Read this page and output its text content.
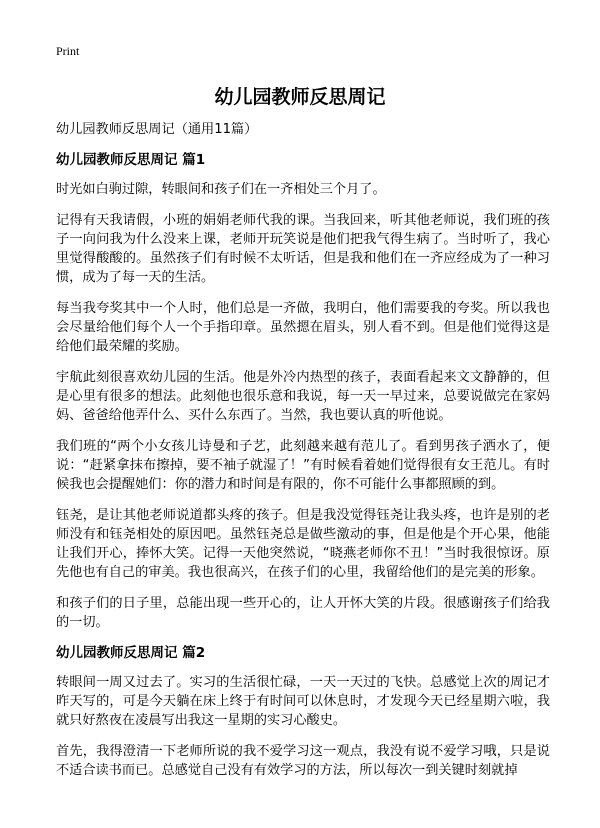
Print
幼儿园教师反思周记

幼儿园教师反思周记（通用11篇）

幼儿园教师反思周记 篇1

时光如白驹过隙，转眼间和孩子们在一齐相处三个月了。

记得有天我请假，小班的娟娟老师代我的课。当我回来，听其他老师说，我们班的孩子一向问我为什么没来上课，老师开玩笑说是他们把我气得生病了。当时听了，我心里觉得酸酸的。虽然孩子们有时候不太听话，但是我和他们在一齐应经成为了一种习惯，成为了每一天的生活。

每当我夸奖其中一个人时，他们总是一齐做，我明白，他们需要我的夸奖。所以我也会尽量给他们每个人一个手指印章。虽然摁在眉头，别人看不到。但是他们觉得这是给他们最荣耀的奖励。

宇航此刻很喜欢幼儿园的生活。他是外冷内热型的孩子，表面看起来文文静静的，但是心里有很多的想法。此刻他也很乐意和我说，每一天一早过来，总要说做完在家妈妈、爸爸给他弄什么、买什么东西了。当然，我也要认真的听他说。

我们班的“两个小女孩儿诗曼和子艺，此刻越来越有范儿了。看到男孩子洒水了，便说：“赶紧拿抹布擦掉，要不袖子就湿了！”有时候看着她们觉得很有女王范儿。有时候我也会提醒她们：你的潜力和时间是有限的，你不可能什么事都照顾的到。

钰尧，是让其他老师说道都头疼的孩子。但是我没觉得钰尧让我头疼，也许是别的老师没有和钰尧相处的原因吧。虽然钰尧总是做些激动的事，但是他是个开心果，他能让我们开心，捧怀大笑。记得一天他突然说，“晓燕老师你不丑！”当时我很惊讶。原先他也有自己的审美。我也很高兴，在孩子们的心里，我留给他们的是完美的形象。

和孩子们的日子里，总能出现一些开心的，让人开怀大笑的片段。很感谢孩子们给我的一切。

幼儿园教师反思周记 篇2

转眼间一周又过去了。实习的生活很忙碌，一天一天过的飞快。总感觉上次的周记才昨天写的，可是今天躺在床上终于有时间可以休息时，才发现今天已经星期六啦，我就只好熬夜在凌晨写出我这一星期的实习心酸史。

首先，我得澄清一下老师所说的我不爱学习这一观点，我没有说不爱学习哦，只是说不适合读书而已。总感觉自己没有有效学习的方法，所以每次一到关键时刻就掉
